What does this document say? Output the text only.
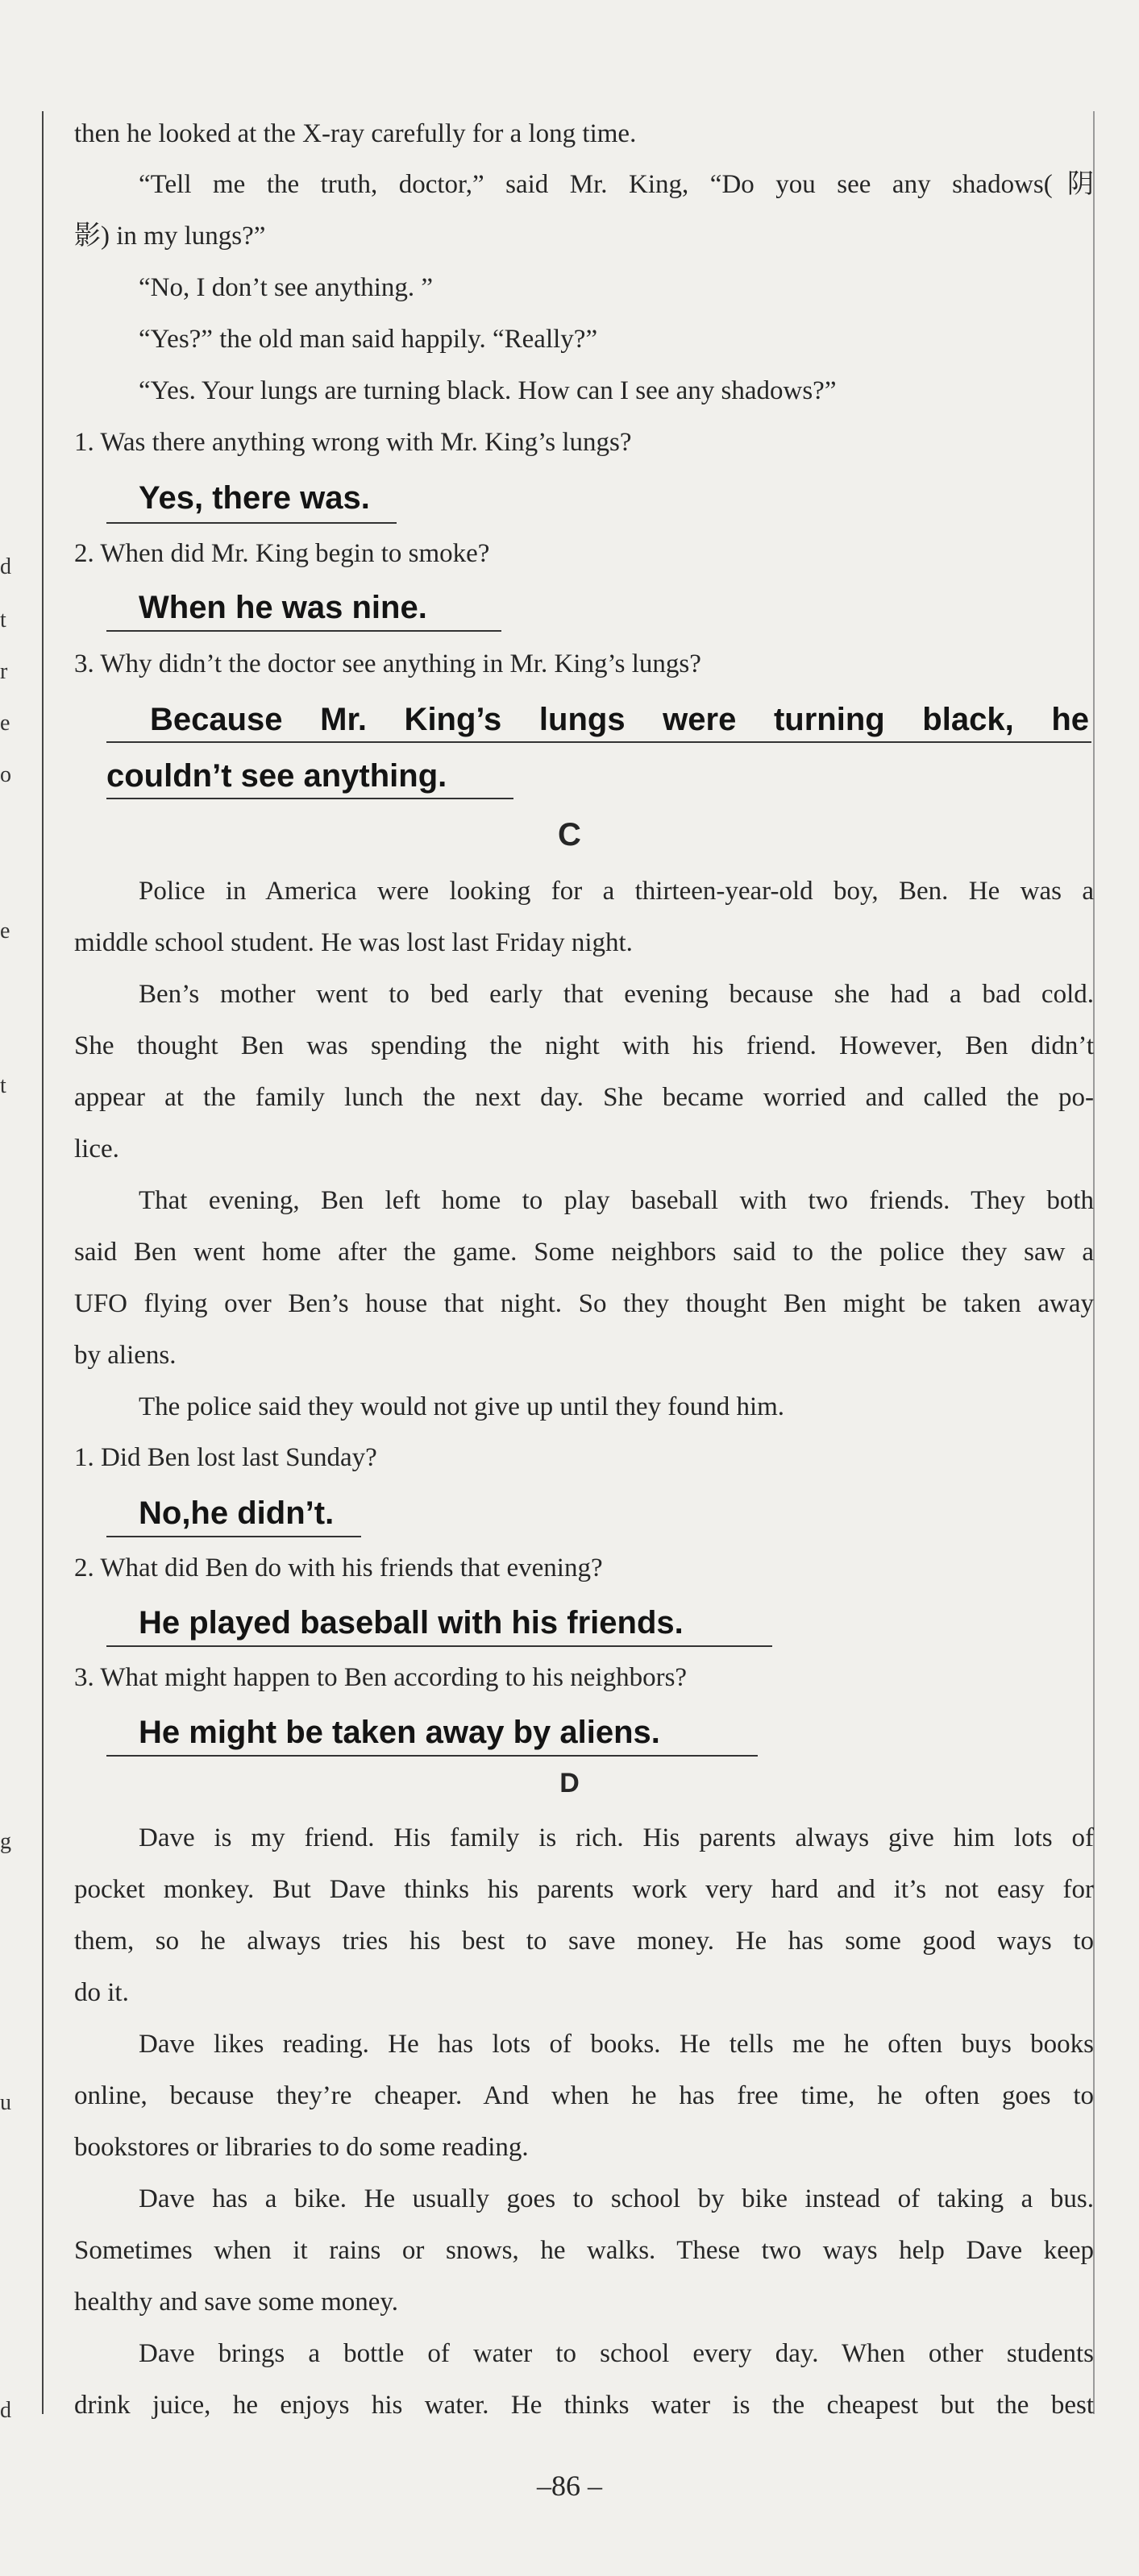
d
t
r
e
o
e
t
g
u
d
then he looked at the X-ray carefully for a long time.
“Tell me the truth, doctor,” said Mr. King, “Do you see any shadows(阴
影) in my lungs?”
“No, I don’t see anything. ”
“Yes?” the old man said happily. “Really?”
“Yes. Your lungs are turning black. How can I see any shadows?”
1. Was there anything wrong with Mr. King’s lungs?
Yes, there was.
2. When did Mr. King begin to smoke?
When he was nine.
3. Why didn’t the doctor see anything in Mr. King’s lungs?
Because Mr. King’s lungs were turning black, he
couldn’t see anything.
C
Police in America were looking for a thirteen-year-old boy, Ben. He was a
middle school student. He was lost last Friday night.
Ben’s mother went to bed early that evening because she had a bad cold.
She thought Ben was spending the night with his friend. However, Ben didn’t
appear at the family lunch the next day. She became worried and called the po-
lice.
That evening, Ben left home to play baseball with two friends. They both
said Ben went home after the game. Some neighbors said to the police they saw a
UFO flying over Ben’s house that night. So they thought Ben might be taken away
by aliens.
The police said they would not give up until they found him.
1. Did Ben lost last Sunday?
No,he didn’t.
2. What did Ben do with his friends that evening?
He played baseball with his friends.
3. What might happen to Ben according to his neighbors?
He might be taken away by aliens.
D
Dave is my friend. His family is rich. His parents always give him lots of
pocket monkey. But Dave thinks his parents work very hard and it’s not easy for
them, so he always tries his best to save money. He has some good ways to
do it.
Dave likes reading. He has lots of books. He tells me he often buys books
online, because they’re cheaper. And when he has free time, he often goes to
bookstores or libraries to do some reading.
Dave has a bike. He usually goes to school by bike instead of taking a bus.
Sometimes when it rains or snows, he walks. These two ways help Dave keep
healthy and save some money.
Dave brings a bottle of water to school every day. When other students
drink juice, he enjoys his water. He thinks water is the cheapest but the best
–86 –
